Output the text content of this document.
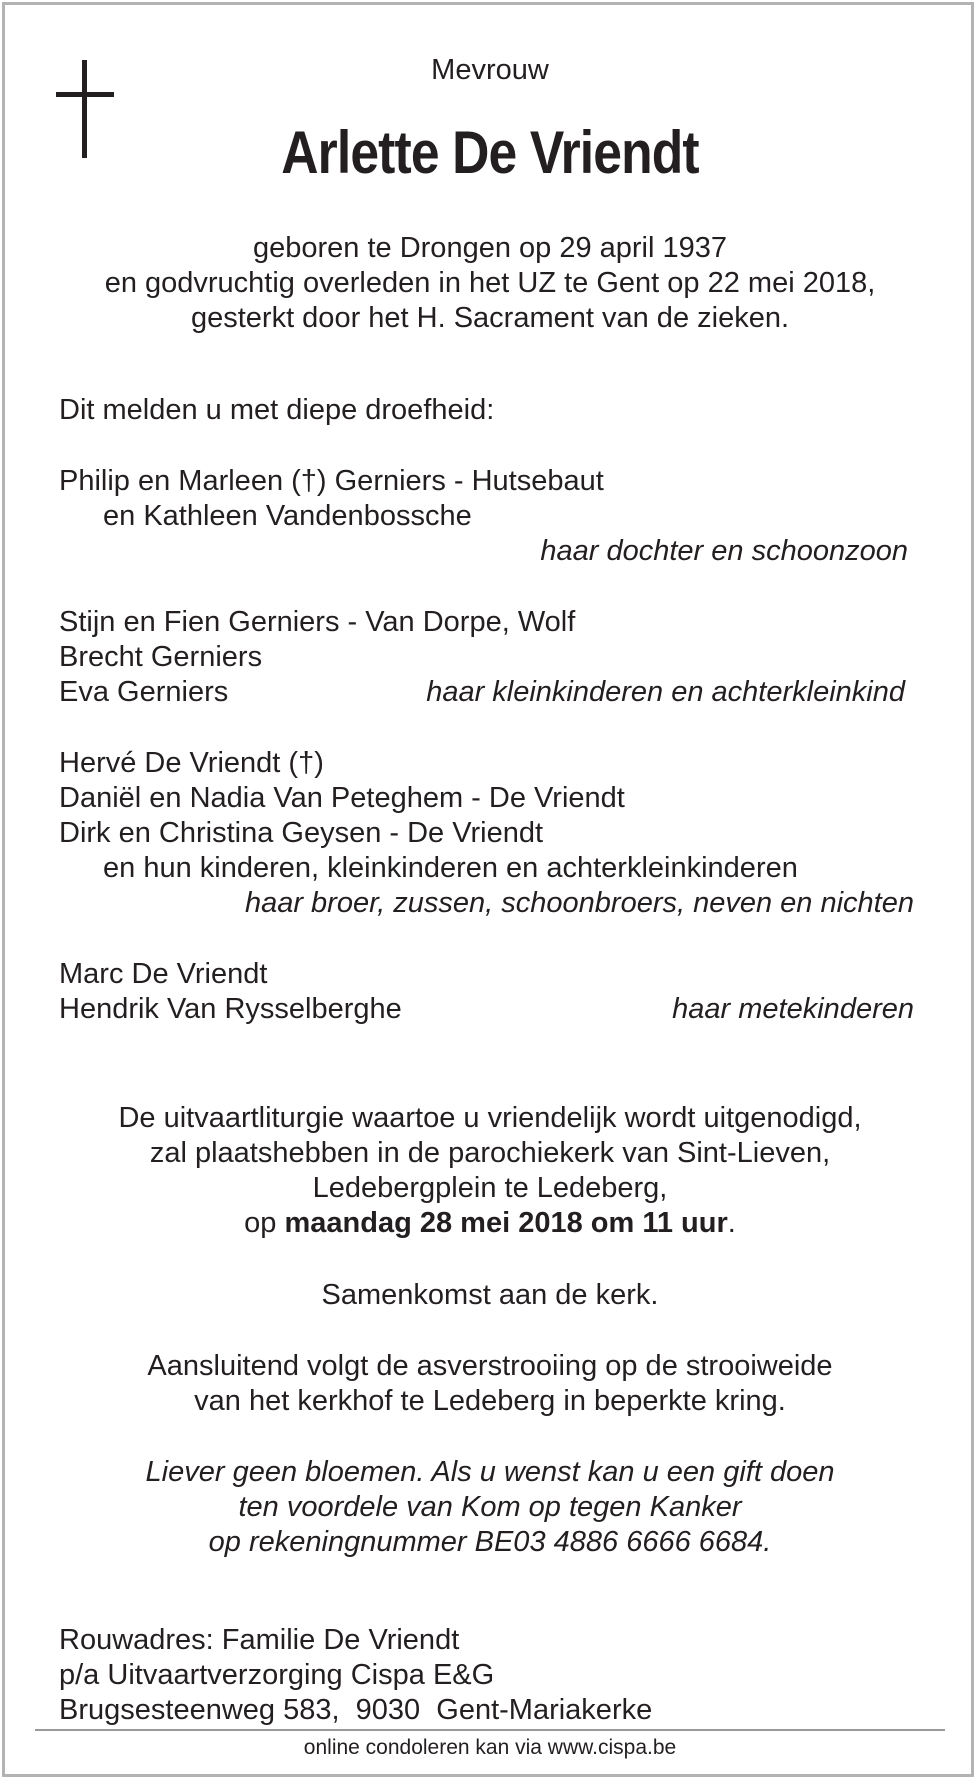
Mevrouw
Arlette De Vriendt
geboren te Drongen op 29 april 1937
en godvruchtig overleden in het UZ te Gent op 22 mei 2018,
gesterkt door het H. Sacrament van de zieken.
Dit melden u met diepe droefheid:
Philip en Marleen (†) Gerniers - Hutsebaut
en Kathleen Vandenbossche
haar dochter en schoonzoon
Stijn en Fien Gerniers - Van Dorpe, Wolf
Brecht Gerniers
Eva Gerniers	haar kleinkinderen en achterkleinkind
Hervé De Vriendt (†)
Daniël en Nadia Van Peteghem - De Vriendt
Dirk en Christina Geysen - De Vriendt
en hun kinderen, kleinkinderen en achterkleinkinderen
haar broer, zussen, schoonbroers, neven en nichten
Marc De Vriendt
Hendrik Van Rysselberghe	haar metekinderen
De uitvaartliturgie waartoe u vriendelijk wordt uitgenodigd,
zal plaatshebben in de parochiekerk van Sint-Lieven,
Ledebergplein te Ledeberg,
op maandag 28 mei 2018 om 11 uur.
Samenkomst aan de kerk.
Aansluitend volgt de asverstrooiing op de strooiweide
van het kerkhof te Ledeberg in beperkte kring.
Liever geen bloemen. Als u wenst kan u een gift doen
ten voordele van Kom op tegen Kanker
op rekeningnummer BE03 4886 6666 6684.
Rouwadres: Familie De Vriendt
p/a Uitvaartverzorging Cispa E&G
Brugsesteenweg 583,  9030  Gent-Mariakerke
online condoleren kan via www.cispa.be
